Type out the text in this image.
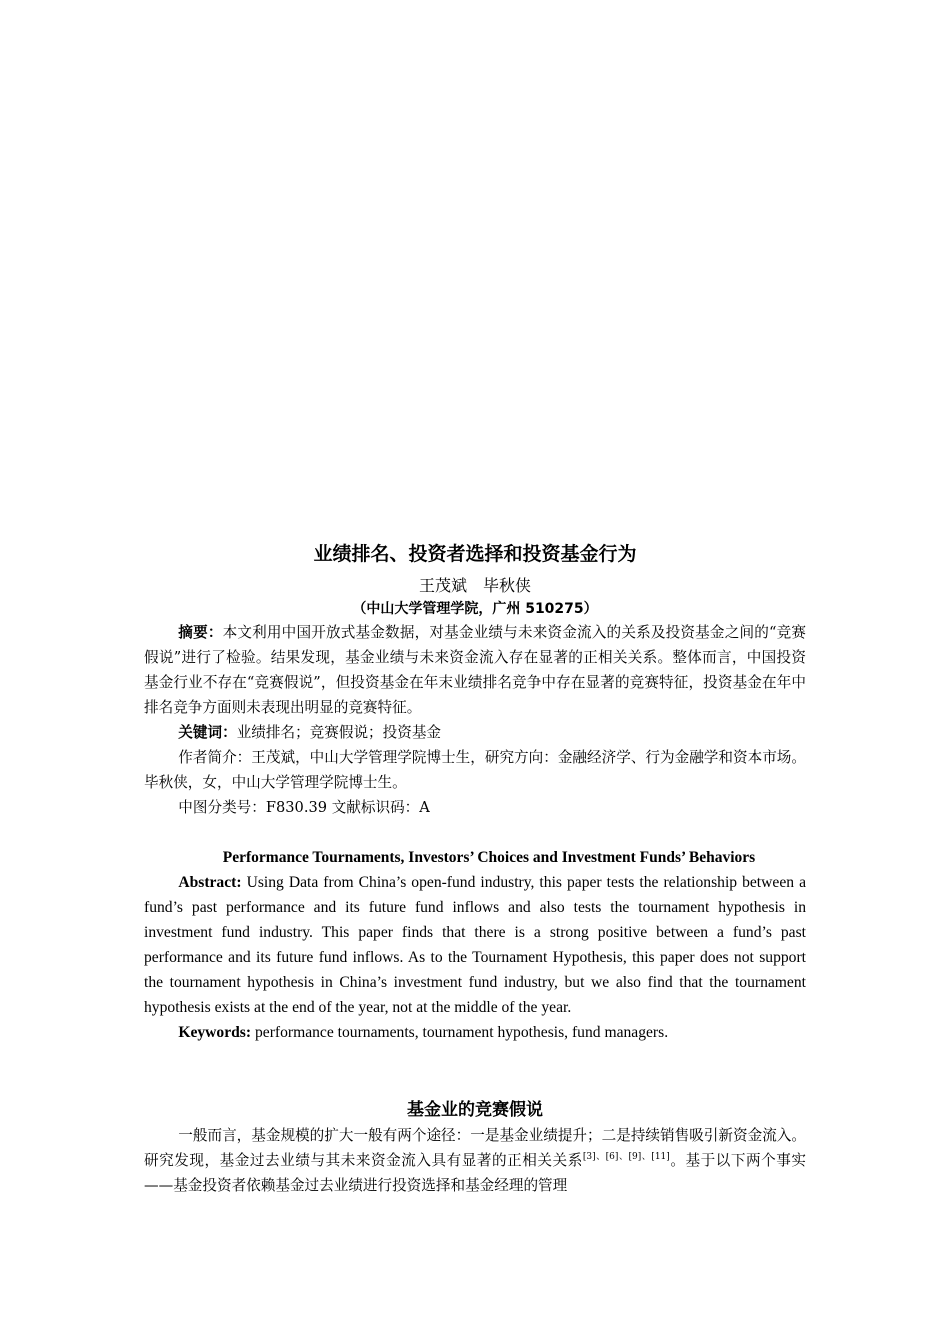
业绩排名、投资者选择和投资基金行为
王茂斌　毕秋侠
（中山大学管理学院，广州 510275）

摘要：本文利用中国开放式基金数据，对基金业绩与未来资金流入的关系及投资基金之间的“竞赛假说”进行了检验。结果发现，基金业绩与未来资金流入存在显著的正相关关系。整体而言，中国投资基金行业不存在“竞赛假说”，但投资基金在年末业绩排名竞争中存在显著的竞赛特征，投资基金在年中排名竞争方面则未表现出明显的竞赛特征。

关键词：业绩排名；竞赛假说；投资基金

作者简介：王茂斌，中山大学管理学院博士生，研究方向：金融经济学、行为金融学和资本市场。毕秋侠，女，中山大学管理学院博士生。

中图分类号：F830.39 文献标识码：A

Performance Tournaments, Investors’ Choices and Investment Funds’ Behaviors

Abstract: Using Data from China’s open-fund industry, this paper tests the relationship between a fund’s past performance and its future fund inflows and also tests the tournament hypothesis in investment fund industry. This paper finds that there is a strong positive between a fund’s past performance and its future fund inflows. As to the Tournament Hypothesis, this paper does not support the tournament hypothesis in China’s investment fund industry, but we also find that the tournament hypothesis exists at the end of the year, not at the middle of the year.

Keywords: performance tournaments, tournament hypothesis, fund managers.

基金业的竞赛假说

一般而言，基金规模的扩大一般有两个途径：一是基金业绩提升；二是持续销售吸引新资金流入。研究发现，基金过去业绩与其未来资金流入具有显著的正相关关系[3]、[6]、[9]、[11]。基于以下两个事实——基金投资者依赖基金过去业绩进行投资选择和基金经理的管理
